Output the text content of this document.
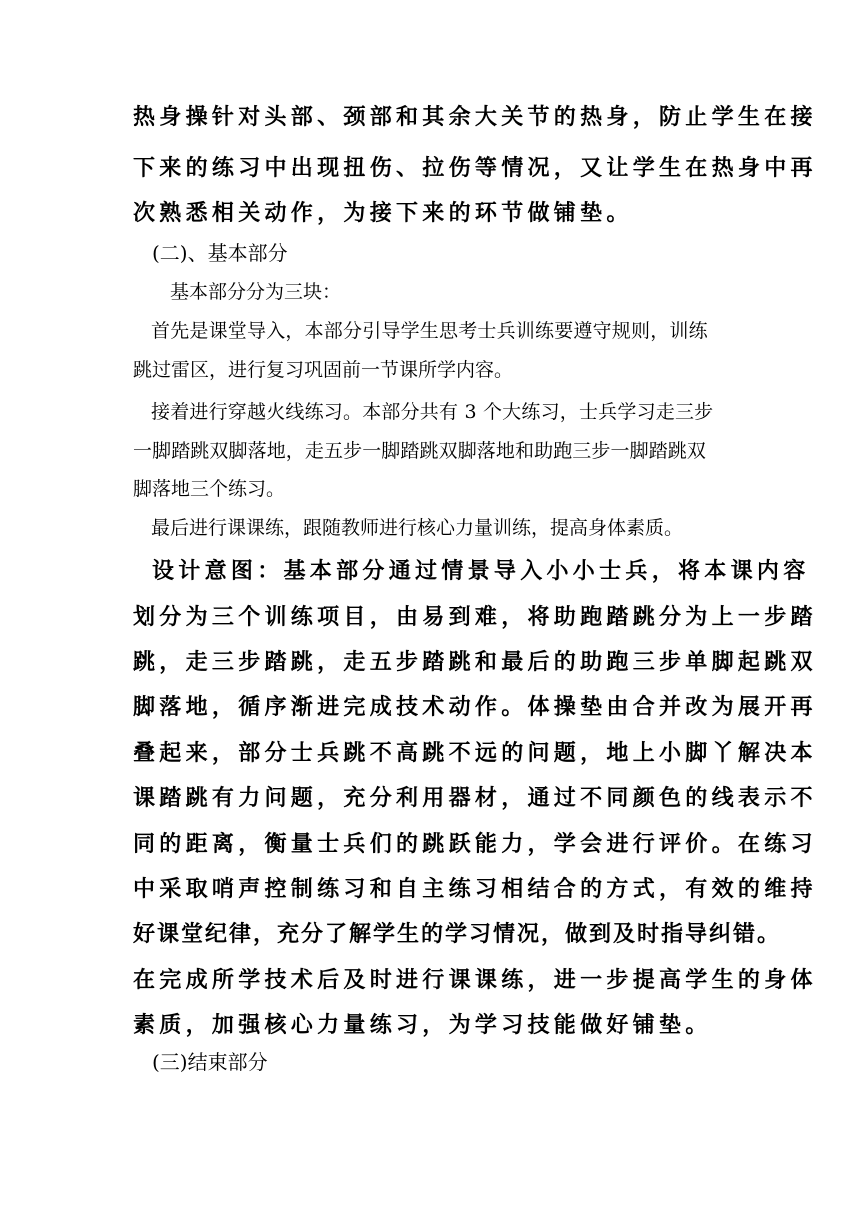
热身操针对头部、颈部和其余大关节的热身，防止学生在接
下来的练习中出现扭伤、拉伤等情况，又让学生在热身中再
次熟悉相关动作，为接下来的环节做铺垫。
(二)、基本部分
基本部分分为三块：
首先是课堂导入，本部分引导学生思考士兵训练要遵守规则，训练
跳过雷区，进行复习巩固前一节课所学内容。
接着进行穿越火线练习。本部分共有 3 个大练习，士兵学习走三步
一脚踏跳双脚落地，走五步一脚踏跳双脚落地和助跑三步一脚踏跳双
脚落地三个练习。
最后进行课课练，跟随教师进行核心力量训练，提高身体素质。
设计意图：基本部分通过情景导入小小士兵，将本课内容
划分为三个训练项目，由易到难，将助跑踏跳分为上一步踏
跳，走三步踏跳，走五步踏跳和最后的助跑三步单脚起跳双
脚落地，循序渐进完成技术动作。体操垫由合并改为展开再
叠起来，部分士兵跳不高跳不远的问题，地上小脚丫解决本
课踏跳有力问题，充分利用器材，通过不同颜色的线表示不
同的距离，衡量士兵们的跳跃能力，学会进行评价。在练习
中采取哨声控制练习和自主练习相结合的方式，有效的维持
好课堂纪律，充分了解学生的学习情况，做到及时指导纠错。
在完成所学技术后及时进行课课练，进一步提高学生的身体
素质，加强核心力量练习，为学习技能做好铺垫。
(三)结束部分
